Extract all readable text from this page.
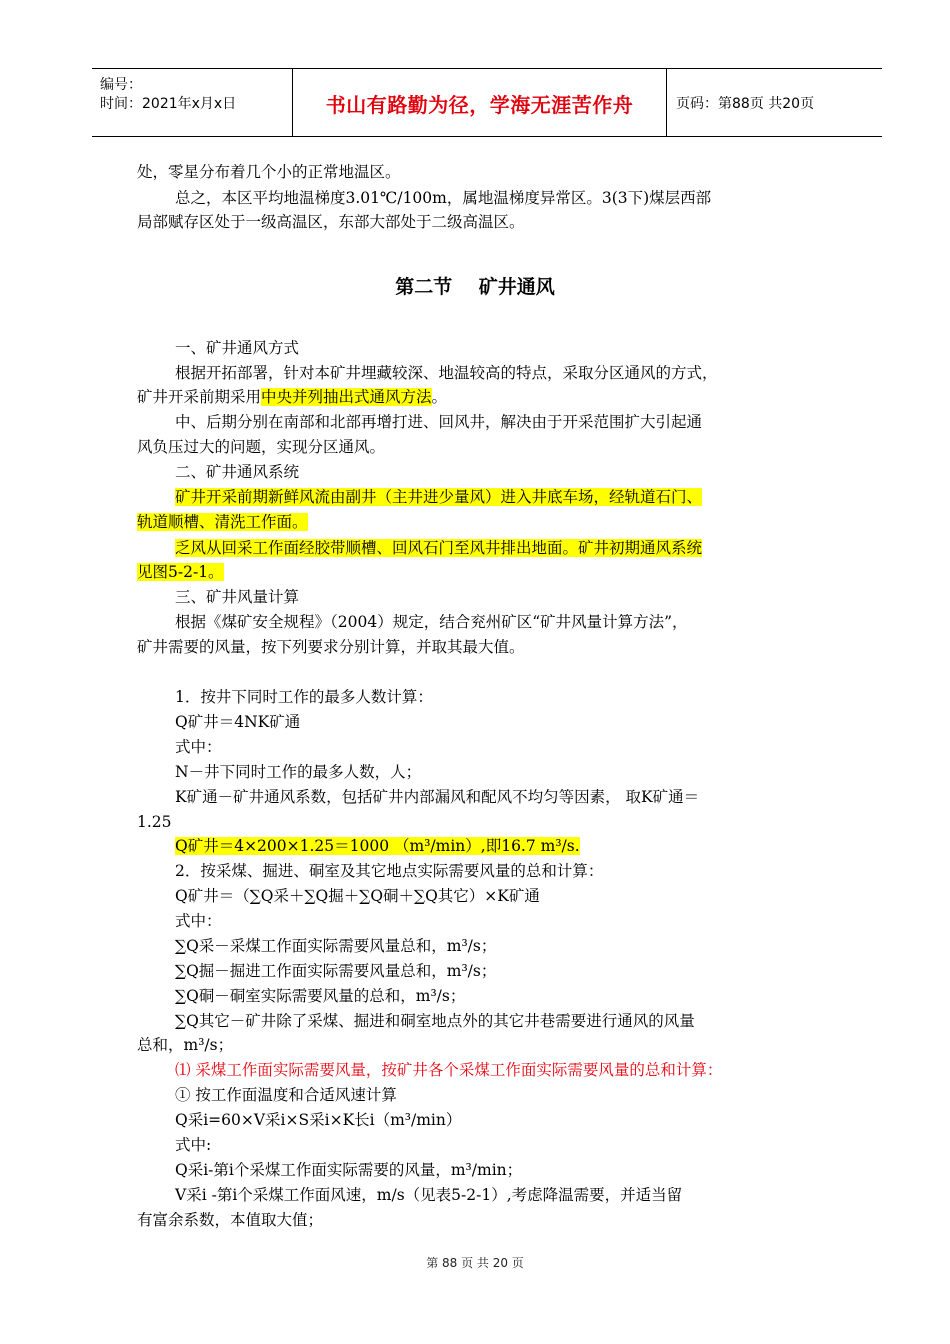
编号：
时间：2021年x月x日	书山有路勤为径，学海无涯苦作舟	页码：第88页 共20页
处，零星分布着几个小的正常地温区。
总之，本区平均地温梯度3.01℃/100m，属地温梯度异常区。3(3下)煤层西部
局部赋存区处于一级高温区，东部大部处于二级高温区。
第二节    矿井通风
一、矿井通风方式
根据开拓部署，针对本矿井埋藏较深、地温较高的特点，采取分区通风的方式，
矿井开采前期采用中央并列抽出式通风方法。
中、后期分别在南部和北部再增打进、回风井，解决由于开采范围扩大引起通
风负压过大的问题，实现分区通风。
二、矿井通风系统
矿井开采前期新鲜风流由副井（主井进少量风）进入井底车场，经轨道石门、
轨道顺槽、清洗工作面。
乏风从回采工作面经胶带顺槽、回风石门至风井排出地面。矿井初期通风系统
见图5-2-1。
三、矿井风量计算
根据《煤矿安全规程》（2004）规定，结合兖州矿区“矿井风量计算方法”，
矿井需要的风量，按下列要求分别计算，并取其最大值。
1．按井下同时工作的最多人数计算：
Q矿井＝4NK矿通
式中：
N－井下同时工作的最多人数，人；
K矿通－矿井通风系数，包括矿井内部漏风和配风不均匀等因素， 取K矿通＝
1.25
Q矿井＝4×200×1.25＝1000 （m³/min）,即16.7 m³/s.
2．按采煤、掘进、硐室及其它地点实际需要风量的总和计算：
Q矿井＝（∑Q采＋∑Q掘＋∑Q硐＋∑Q其它）×K矿通
式中：
∑Q采－采煤工作面实际需要风量总和，m³/s；
∑Q掘－掘进工作面实际需要风量总和，m³/s；
∑Q硐－硐室实际需要风量的总和，m³/s；
∑Q其它－矿井除了采煤、掘进和硐室地点外的其它井巷需要进行通风的风量
总和，m³/s；
⑴ 采煤工作面实际需要风量，按矿井各个采煤工作面实际需要风量的总和计算：
① 按工作面温度和合适风速计算
Q采i=60×V采i×S采i×K长i（m³/min）
式中:
Q采i-第i个采煤工作面实际需要的风量，m³/min；
V采i -第i个采煤工作面风速，m/s（见表5-2-1）,考虑降温需要，并适当留
有富余系数，本值取大值；
第 88 页 共 20 页
